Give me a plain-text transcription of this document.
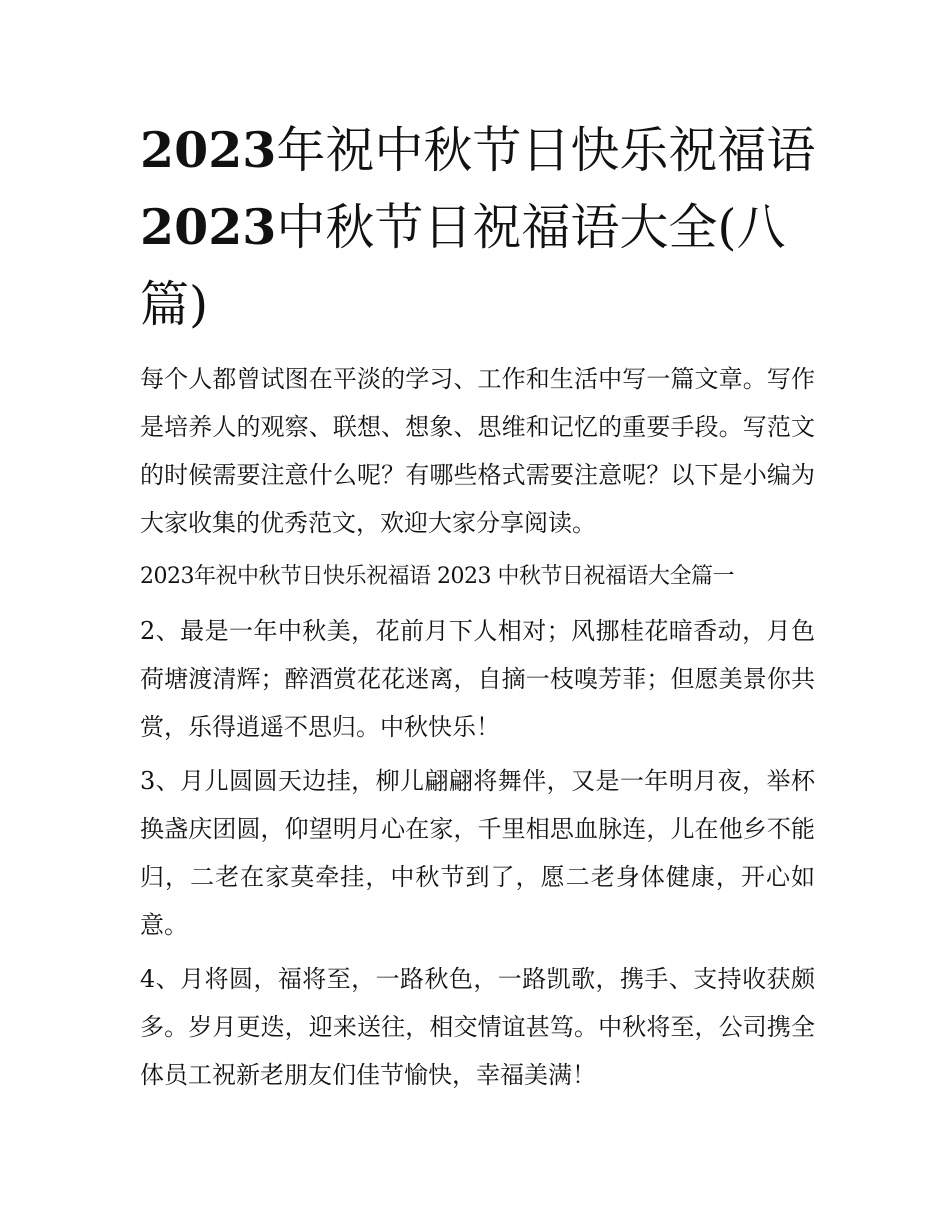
2023年祝中秋节日快乐祝福语2023中秋节日祝福语大全(八篇)

每个人都曾试图在平淡的学习、工作和生活中写一篇文章。写作是培养人的观察、联想、想象、思维和记忆的重要手段。写范文的时候需要注意什么呢？有哪些格式需要注意呢？以下是小编为大家收集的优秀范文，欢迎大家分享阅读。

2023年祝中秋节日快乐祝福语 2023 中秋节日祝福语大全篇一

2、最是一年中秋美，花前月下人相对；风挪桂花暗香动，月色荷塘渡清辉；醉酒赏花花迷离，自摘一枝嗅芳菲；但愿美景你共赏，乐得逍遥不思归。中秋快乐！

3、月儿圆圆天边挂，柳儿翩翩将舞伴，又是一年明月夜，举杯换盏庆团圆，仰望明月心在家，千里相思血脉连，儿在他乡不能归，二老在家莫牵挂，中秋节到了，愿二老身体健康，开心如意。

4、月将圆，福将至，一路秋色，一路凯歌，携手、支持收获颇多。岁月更迭，迎来送往，相交情谊甚笃。中秋将至，公司携全体员工祝新老朋友们佳节愉快，幸福美满！
